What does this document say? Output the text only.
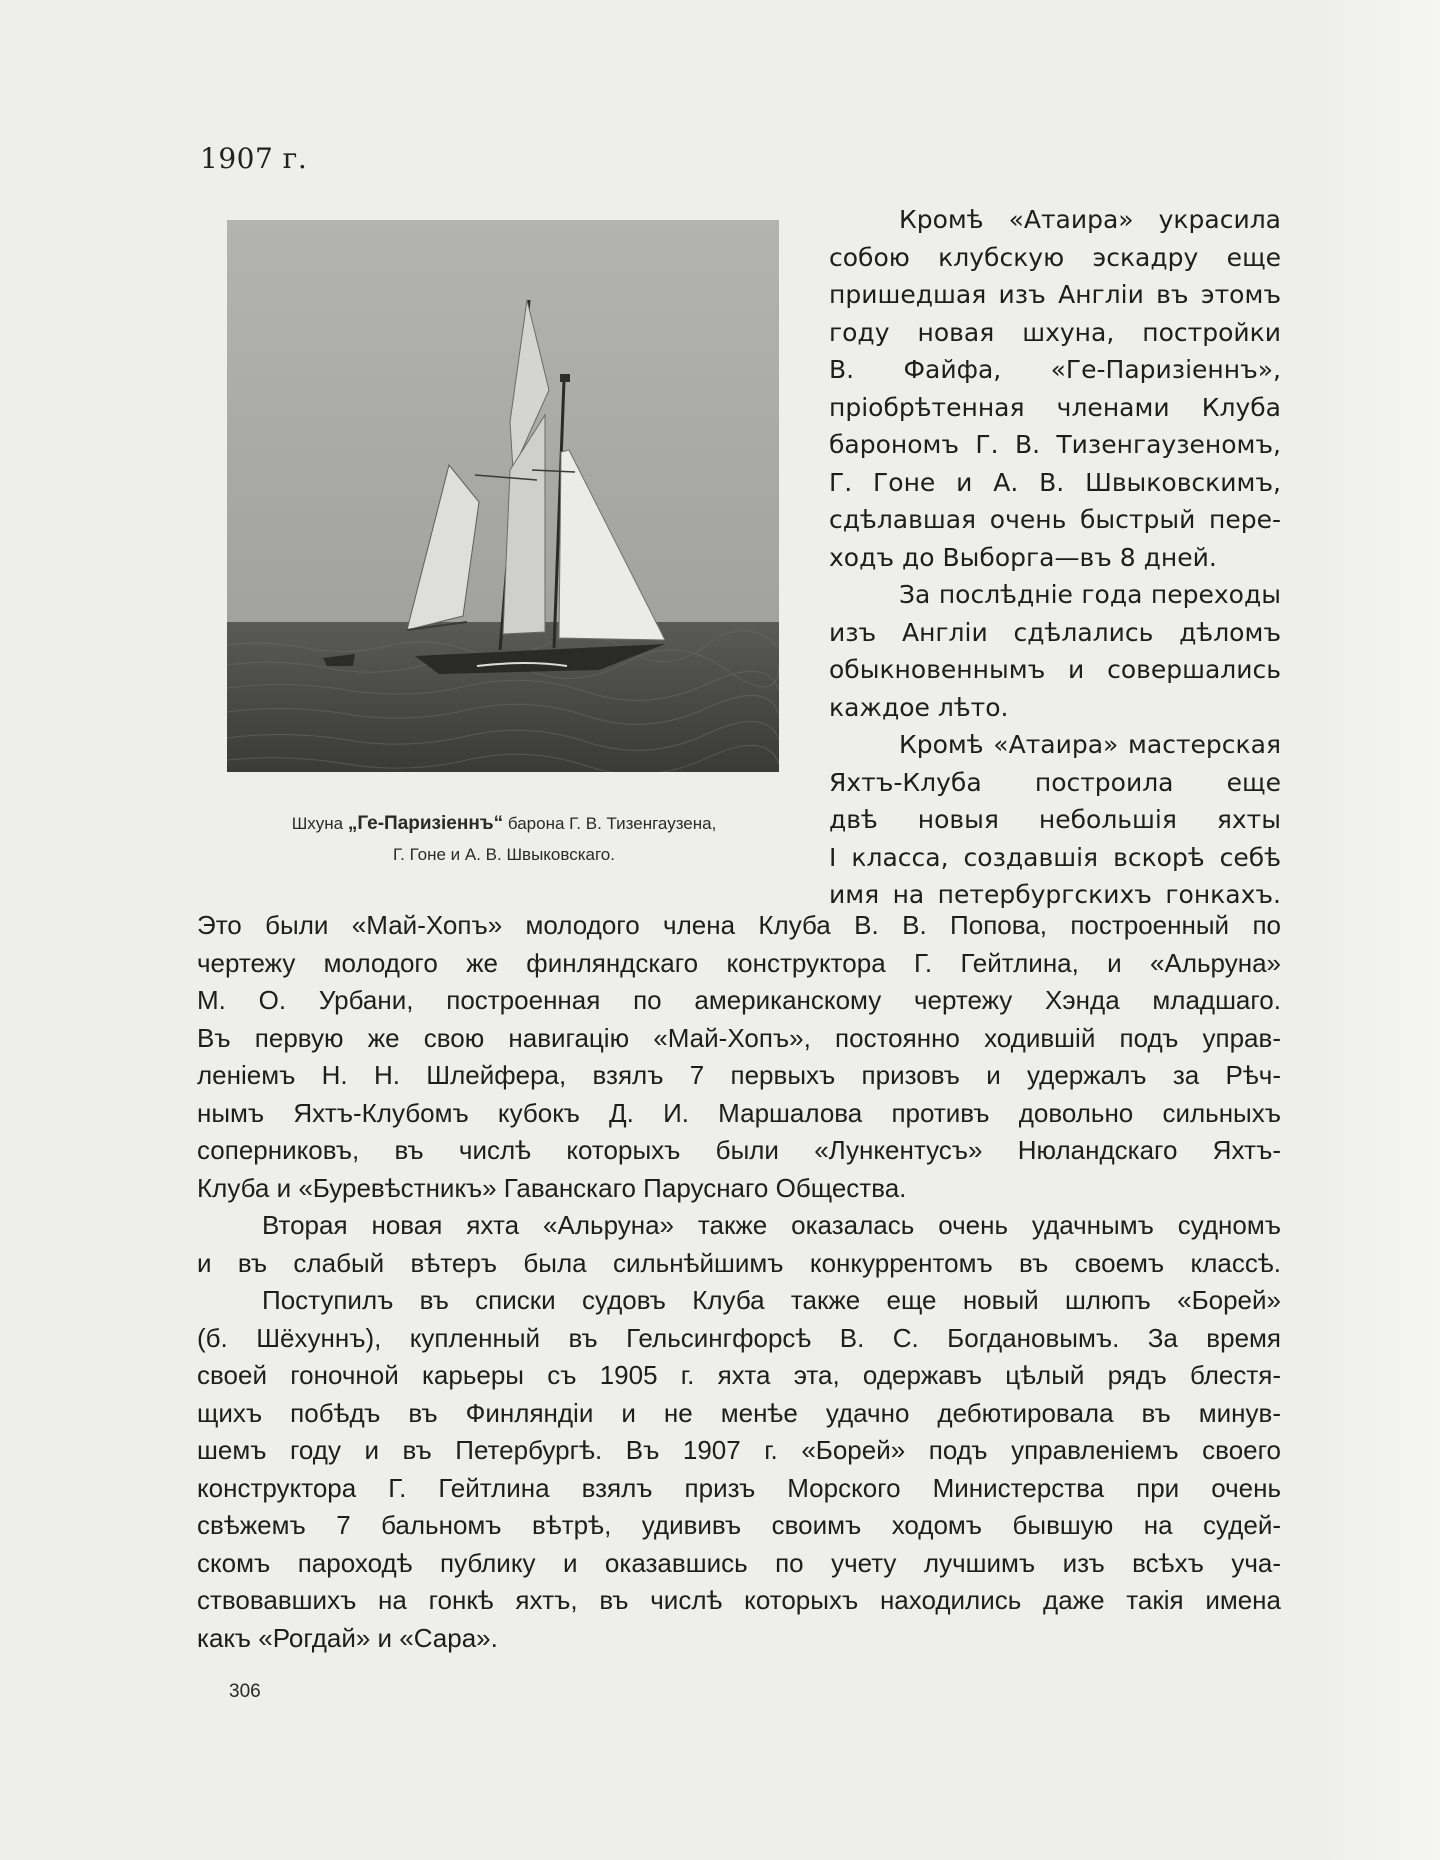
1907 г.
Шхуна „Ге-Паризіеннъ“ барона Г. В. Тизенгаузена,
Г. Гоне и А. В. Швыковскаго.
Кромѣ «Атаира» украсила
собою клубскую эскадру еще
пришедшая изъ Англіи въ этомъ
году новая шхуна, постройки
В. Файфа, «Ге-Паризіеннъ»,
пріобрѣтенная членами Клуба
барономъ Г. В. Тизенгаузеномъ,
Г. Гоне и А. В. Швыковскимъ,
сдѣлавшая очень быстрый пере-
ходъ до Выборга—въ 8 дней.
За послѣдніе года переходы
изъ Англіи сдѣлались дѣломъ
обыкновеннымъ и совершались
каждое лѣто.
Кромѣ «Атаира» мастерская
Яхтъ-Клуба построила еще
двѣ новыя небольшія яхты
I класса, создавшія вскорѣ себѣ
имя на петербургскихъ гонкахъ.
Это были «Май-Хопъ» молодого члена Клуба В. В. Попова, построенный по
чертежу молодого же финляндскаго конструктора Г. Гейтлина, и «Альруна»
М. О. Урбани, построенная по американскому чертежу Хэнда младшаго.
Въ первую же свою навигацію «Май-Хопъ», постоянно ходившій подъ управ-
леніемъ Н. Н. Шлейфера, взялъ 7 первыхъ призовъ и удержалъ за Рѣч-
нымъ Яхтъ-Клубомъ кубокъ Д. И. Маршалова противъ довольно сильныхъ
соперниковъ, въ числѣ которыхъ были «Лункентусъ» Нюландскаго Яхтъ-
Клуба и «Буревѣстникъ» Гаванскаго Паруснаго Общества.
Вторая новая яхта «Альруна» также оказалась очень удачнымъ судномъ
и въ слабый вѣтеръ была сильнѣйшимъ конкуррентомъ въ своемъ классѣ.
Поступилъ въ списки судовъ Клуба также еще новый шлюпъ «Борей»
(б. Шёхуннъ), купленный въ Гельсингфорсѣ В. С. Богдановымъ. За время
своей гоночной карьеры съ 1905 г. яхта эта, одержавъ цѣлый рядъ блестя-
щихъ побѣдъ въ Финляндіи и не менѣе удачно дебютировала въ минув-
шемъ году и въ Петербургѣ. Въ 1907 г. «Борей» подъ управленіемъ своего
конструктора Г. Гейтлина взялъ призъ Морского Министерства при очень
свѣжемъ 7 бальномъ вѣтрѣ, удививъ своимъ ходомъ бывшую на судей-
скомъ пароходѣ публику и оказавшись по учету лучшимъ изъ всѣхъ уча-
ствовавшихъ на гонкѣ яхтъ, въ числѣ которыхъ находились даже такія имена
какъ «Рогдай» и «Сара».
306
